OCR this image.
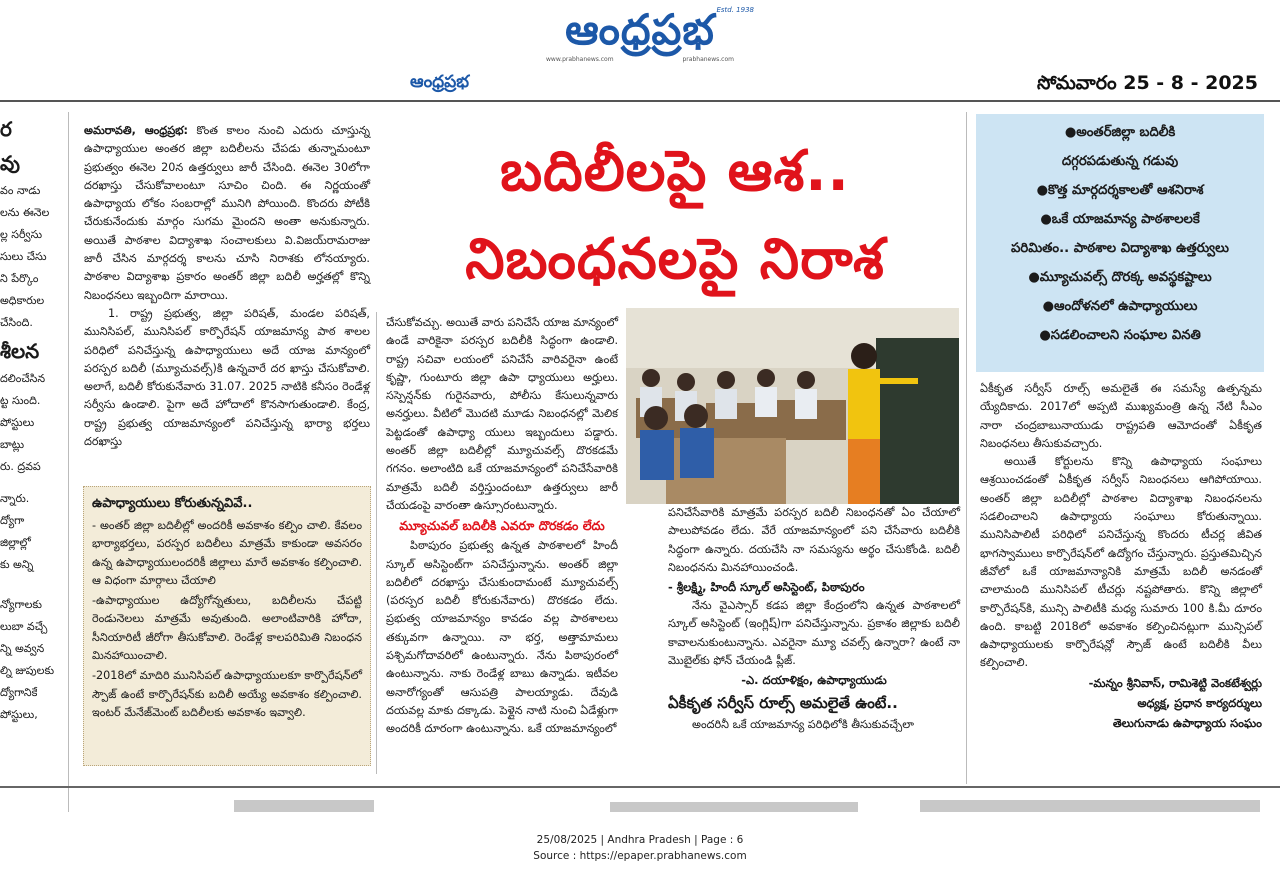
ఆంధ్రప్రభ Estd. 1938
www.prabhanews.com	prabhanews.com
ఆంధ్రప్రభ	సోమవారం 25 - 8 - 2025
ర
వు
వం నాడు
లను ఈనెల
ల్ల సర్వీసు
సులు చేసు
ని పేర్కొం
అధికారుల
చేసింది.
శీలన
దలించేసిన
ట్ట సుంది.
పోస్టులు
బాట్లు
రు. ద్రవప
న్నారు.
ద్యోగా
జిల్లాల్లో
కు అన్ని
న్యోగాలకు
లుబా వచ్చే
న్ని అవ్వన
ల్ని జుపులకు
ద్యోగానికే
పోస్టులు,
బదిలీలపై ఆశ..
నిబంధనలపై నిరాశ

అమరావతి, ఆంధ్రప్రభ: కొంత కాలం నుంచి ఎదురు చూస్తున్న ఉపాధ్యాయుల అంతర జిల్లా బదిలీలను చేపడు తున్నామంటూ ప్రభుత్వం ఈనెల 20న ఉత్తర్వులు జారీ చేసింది. ఈనెల 30లోగా దరఖాస్తు చేసుకోవాలంటూ సూచిం చింది. ఈ నిర్ణయంతో ఉపాధ్యాయ లోకం సంబరాల్లో మునిగి పోయింది. కొందరు పోటీకి చేరుకునేందుకు మార్గం సుగమ మైందని అంతా అనుకున్నారు. అయితే పాఠశాల విద్యాశాఖ సంచాలకులు వి.విజయ్‌రామరాజు జారీ చేసిన మార్గదర్శ కాలను చూసి నిరాశకు లోనయ్యారు. పాఠశాల విద్యాశాఖ ప్రకారం అంతర్ జిల్లా బదిలీ అర్హతల్లో కొన్ని నిబంధనలు ఇబ్బందిగా మారాయి.

1. రాష్ట్ర ప్రభుత్వ, జిల్లా పరిషత్, మండల పరిషత్, మునిసిపల్, మునిసిపల్ కార్పొరేషన్ యాజమాన్య పాఠ శాలల పరిధిలో పనిచేస్తున్న ఉపాధ్యాయులు అదే యాజ మాన్యంలో పరస్పర బదిలీ (మ్యూచువల్స్)కి ఉన్నవారే దర ఖాస్తు చేసుకోవాలి. అలాగే, బదిలీ కోరుకునేవారు 31.07. 2025 నాటికి కనీసం రెండేళ్ల సర్వీసు ఉండాలి. పైగా అదే హోదాలో కొనసాగుతుండాలి. కేంద్ర, రాష్ట్ర ప్రభుత్వ యాజమాన్యంలో పనిచేస్తున్న భార్యా భర్తలు దరఖాస్తు

ఉపాధ్యాయులు కోరుతున్నవివే..

- అంతర్ జిల్లా బదిలీల్లో అందరికీ అవకాశం కల్పిం చాలి. కేవలం భార్యాభర్తలు, పరస్పర బదిలీలు మాత్రమే కాకుండా అవసరం ఉన్న ఉపాధ్యాయులందరికీ జిల్లాలు మారే అవకాశం కల్పించాలి. ఆ విధంగా మార్గాలు చేయాలి

-ఉపాధ్యాయుల ఉద్యోగోన్నతులు, బదిలీలను చేపట్టి రెండునెలలు మాత్రమే అవుతుంది. అలాంటివారికి హోదా, సీనియారిటీ జీరోగా తీసుకోవాలి. రెండేళ్ల కాలపరిమితి నిబంధన మినహాయించాలి.

-2018లో మాదిరి మునిసిపల్ ఉపాధ్యాయులకూ కార్పొరేషన్‌లో స్పౌజ్ ఉంటే కార్పొరేషన్‌కు బదిలీ అయ్యే అవకాశం కల్పించాలి. ఇంటర్ మేనేజ్‌మెంట్ బదిలీలకు అవకాశం ఇవ్వాలి.

చేసుకోవచ్చు. అయితే వారు పనిచేసే యాజ మాన్యంలో ఉండే వారికైనా పరస్పర బదిలీకి సిద్ధంగా ఉండాలి. రాష్ట్ర సచివా లయంలో పనిచేసే వారివరైనా ఉంటే కృష్ణా, గుంటూరు జిల్లా ఉపా ధ్యాయులు అర్హులు. సస్పెన్షన్‌కు గురైనవారు, పోలీసు కేసులున్నవారు అనర్హులు. వీటిలో మొదటి మూడు నిబంధనల్లో మెలిక పెట్టడంతో ఉపాధ్యా యులు ఇబ్బందులు పడ్డారు. అంతర్ జిల్లా బదిలీల్లో మ్యూచువల్స్ దొరకడమే గగనం. అలాంటిది ఒకే యాజమాన్యంలో పనిచేసేవారికి మాత్రమే బదిలీ వర్తిస్తుందంటూ ఉత్తర్వులు జారీ చేయడంపై వారంతా ఉస్సూరంటున్నారు.

మ్యూచువల్ బదిలీకి ఎవరూ దొరకడం లేదు

పిఠాపురం ప్రభుత్వ ఉన్నత పాఠశాలలో హిందీ స్కూల్ అసిస్టెంట్‌గా పనిచేస్తున్నాను. అంతర్ జిల్లా బదిలీలో దరఖాస్తు చేసుకుందామంటే మ్యూచువల్స్ (పరస్పర బదిలీ కోరుకునేవారు) దొరకడం లేదు. ప్రభుత్వ యాజమాన్యం కావడం వల్ల పాఠశాలలు తక్కువగా ఉన్నాయి. నా భర్త, అత్తామామలు పశ్చిమగోదావరిలో ఉంటున్నారు. నేను పిఠాపురంలో ఉంటున్నాను. నాకు రెండేళ్ల బాబు ఉన్నాడు. ఇటీవల అనారోగ్యంతో ఆసుపత్రి పాలయ్యాడు. దేవుడి దయవల్ల మాకు దక్కాడు. పెళ్లైన నాటి నుంచి ఏడేళ్లుగా అందరికీ దూరంగా ఉంటున్నాను. ఒకే యాజమాన్యంలో

●అంతర్‌జిల్లా బదిలీకి
దగ్గరపడుతున్న గడువు
●కొత్త మార్గదర్శకాలతో ఆశనిరాశ
●ఒకే యాజమాన్య పాఠశాలలకే
పరిమితం.. పాఠశాల విద్యాశాఖ ఉత్తర్వులు
●మ్యూచువల్స్ దొరక్క అవస్థకష్టాలు
●ఆందోళనలో ఉపాధ్యాయులు
●సడలించాలని సంఘాల వినతి

పనిచేసేవారికి మాత్రమే పరస్పర బదిలీ నిబంధనతో ఏం చేయాలో పాలుపోవడం లేదు. వేరే యాజమాన్యంలో పని చేసేవారు బదిలీకి సిద్ధంగా ఉన్నారు. దయచేసి నా సమస్యను అర్థం చేసుకోండి. బదిలీ నిబంధనను మినహాయించండి.

- శ్రీలక్ష్మి, హిందీ స్కూల్ అసిస్టెంట్, పిఠాపురం

నేను వైఎస్సార్ కడప జిల్లా కేంద్రంలోని ఉన్నత పాఠశాలలో స్కూల్ అసిస్టెంట్ (ఇంగ్లిష్)గా పనిచేస్తున్నాను. ప్రకాశం జిల్లాకు బదిలీ కావాలనుకుంటున్నాను. ఎవరైనా మ్యూ చవల్స్ ఉన్నారా? ఉంటే నా మొబైల్‌కు ఫోన్ చేయండి ప్లీజ్.

-ఎ. దయాళిక్షం, ఉపాధ్యాయుడు
ఏకీకృత సర్వీస్ రూల్స్ అమలైతే ఉంటే..

అందరినీ ఒకే యాజమాన్య పరిధిలోకి తీసుకువచ్చేలా

ఏకీకృత సర్వీస్ రూల్స్ అమలైతే ఈ సమస్యే ఉత్పన్నమ య్యేదికాదు. 2017లో అప్పటి ముఖ్యమంత్రి ఉన్న నేటి సీఎం నారా చంద్రబాబునాయుడు రాష్ట్రపతి ఆమోదంతో ఏకీకృత నిబంధనలు తీసుకువచ్చారు.

అయితే కోర్టులను కొన్ని ఉపాధ్యాయ సంఘాలు ఆశ్రయించడంతో ఏకీకృత సర్వీస్ నిబంధనలు ఆగిపోయాయి. అంతర్ జిల్లా బదిలీల్లో పాఠశాల విద్యాశాఖ నిబంధనలను సడలించాలని ఉపాధ్యాయ సంఘాలు కోరుతున్నాయి. మునిసిపాలిటీ పరిధిలో పనిచేస్తున్న కొందరు టీచర్ల జీవిత భాగస్వాములు కార్పొరేషన్‌లో ఉద్యోగం చేస్తున్నారు. ప్రస్తుతమిచ్చిన జీవోలో ఒకే యాజమాన్యానికి మాత్రమే బదిలీ అనడంతో చాలామంది మునిసిపల్ టీచర్లు నష్టపోతారు. కొన్ని జిల్లాలో కార్పొరేషన్‌కి, మున్సి పాలిటీకి మధ్య సుమారు 100 కి.మీ దూరం ఉంది. కాబట్టి 2018లో అవకాశం కల్పించినట్లుగా మున్సిపల్ ఉపాధ్యాయులకు కార్పొరేషన్లో స్పౌజ్ ఉంటే బదిలీకి వీలు కల్పించాలి.

-మన్నం శ్రీనివాస్, రామిశెట్టి వెంకటేశ్వర్లు
అధ్యక్ష, ప్రధాన కార్యదర్శులు
తెలుగునాడు ఉపాధ్యాయ సంఘం
25/08/2025 | Andhra Pradesh | Page : 6
Source : https://epaper.prabhanews.com
